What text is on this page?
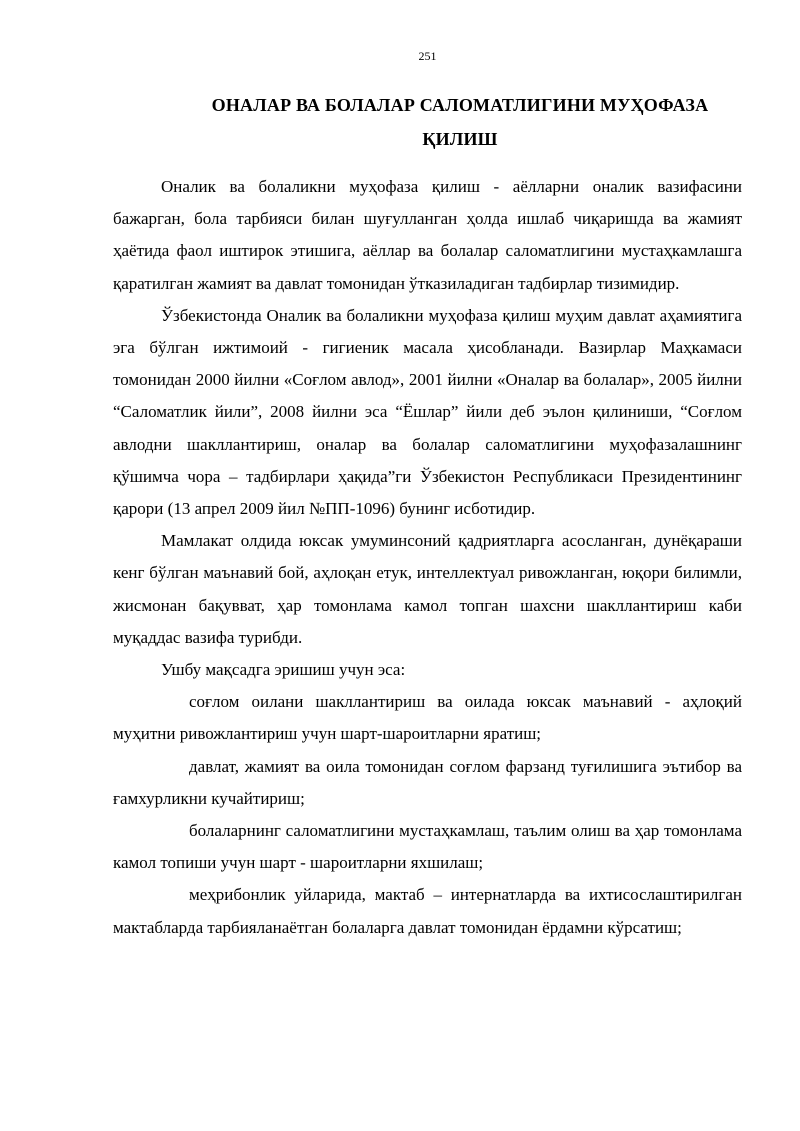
251
ОНАЛАР ВА БОЛАЛАР САЛОМАТЛИГИНИ МУҲОФАЗА
ҚИЛИШ

Оналик ва болаликни муҳофаза қилиш - аёлларни оналик вазифасини бажарган, бола тарбияси билан шуғулланган ҳолда ишлаб чиқаришда ва жамият ҳаётида фаол иштирок этишига, аёллар ва болалар саломатлигини мустаҳкамлашга қаратилган жамият ва давлат томонидан ўтказиладиган тадбирлар тизимидир.

Ўзбекистонда Оналик ва болаликни муҳофаза қилиш муҳим давлат аҳамиятига эга бўлган ижтимоий - гигиеник масала ҳисобланади. Вазирлар Маҳкамаси томонидан 2000 йилни «Соғлом авлод», 2001 йилни «Оналар ва болалар», 2005 йилни “Саломатлик йили”, 2008 йилни эса “Ёшлар” йили деб эълон қилиниши, “Соғлом авлодни шакллантириш, оналар ва болалар саломатлигини муҳофазалашнинг қўшимча чора – тадбирлари ҳақида”ги Ўзбекистон Республикаси Президентининг қарори (13 апрел 2009 йил №ПП-1096) бунинг исботидир.

Мамлакат олдида юксак умуминсоний қадриятларга асосланган, дунёқараши кенг бўлган маънавий бой, аҳлоқан етук, интеллектуал ривожланган, юқори билимли, жисмонан бақувват, ҳар томонлама камол топган шахсни шакллантириш каби муқаддас вазифа турибди.

Ушбу мақсадга эришиш учун эса:

соғлом оилани шакллантириш ва оилада юксак маънавий - аҳлоқий муҳитни ривожлантириш учун шарт-шароитларни яратиш;

давлат, жамият ва оила томонидан соғлом фарзанд туғилишига эътибор ва ғамхурликни кучайтириш;

болаларнинг саломатлигини мустаҳкамлаш, таълим олиш ва ҳар томонлама камол топиши учун шарт - шароитларни яхшилаш;

меҳрибонлик уйларида, мактаб – интернатларда ва ихтисослаштирилган мактабларда тарбияланаётган болаларга давлат томонидан ёрдамни кўрсатиш;
